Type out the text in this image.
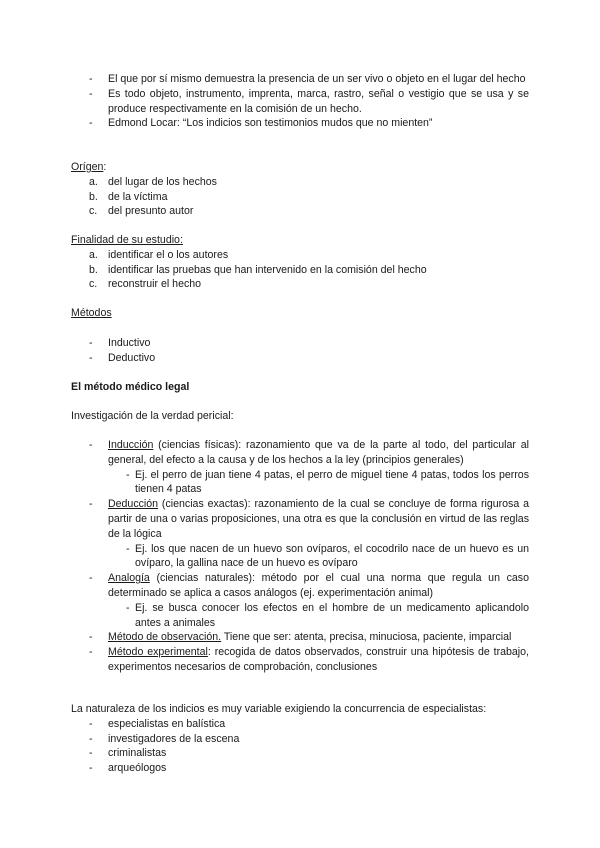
- El que por sí mismo demuestra la presencia de un ser vivo o objeto en el lugar del hecho

- Es todo objeto, instrumento, imprenta, marca, rastro, señal o vestigio que se usa y se produce respectivamente en la comisión de un hecho.

- Edmond Locar: “Los indicios son testimonios mudos que no mienten”

Orígen:

a. del lugar de los hechos

b. de la víctima

c. del presunto autor

Finalidad de su estudio:

a. identificar el o los autores

b. identificar las pruebas que han intervenido en la comisión del hecho

c. reconstruir el hecho

Métodos

- Inductivo

- Deductivo

El método médico legal

Investigación de la verdad pericial:

- Inducción (ciencias físicas): razonamiento que va de la parte al todo, del particular al general, del efecto a la causa y de los hechos a la ley (principios generales)

- Ej. el perro de juan tiene 4 patas, el perro de miguel tiene 4 patas, todos los perros tienen 4 patas

- Deducción (ciencias exactas): razonamiento de la cual se concluye de forma rigurosa a partir de una o varias proposiciones, una otra es que la conclusión en virtud de las reglas de la lógica

- Ej. los que nacen de un huevo son ovíparos, el cocodrilo nace de un huevo es un ovíparo, la gallina nace de un huevo es ovíparo

- Analogía (ciencias naturales): método por el cual una norma que regula un caso determinado se aplica a casos análogos (ej. experimentación animal)

- Ej. se busca conocer los efectos en el hombre de un medicamento aplicandolo antes a animales

- Método de observación. Tiene que ser: atenta, precisa, minuciosa, paciente, imparcial

- Método experimental: recogida de datos observados, construir una hipótesis de trabajo, experimentos necesarios de comprobación, conclusiones

La naturaleza de los indicios es muy variable exigiendo la concurrencia de especialistas:

- especialistas en balística

- investigadores de la escena

- criminalistas

- arqueólogos
